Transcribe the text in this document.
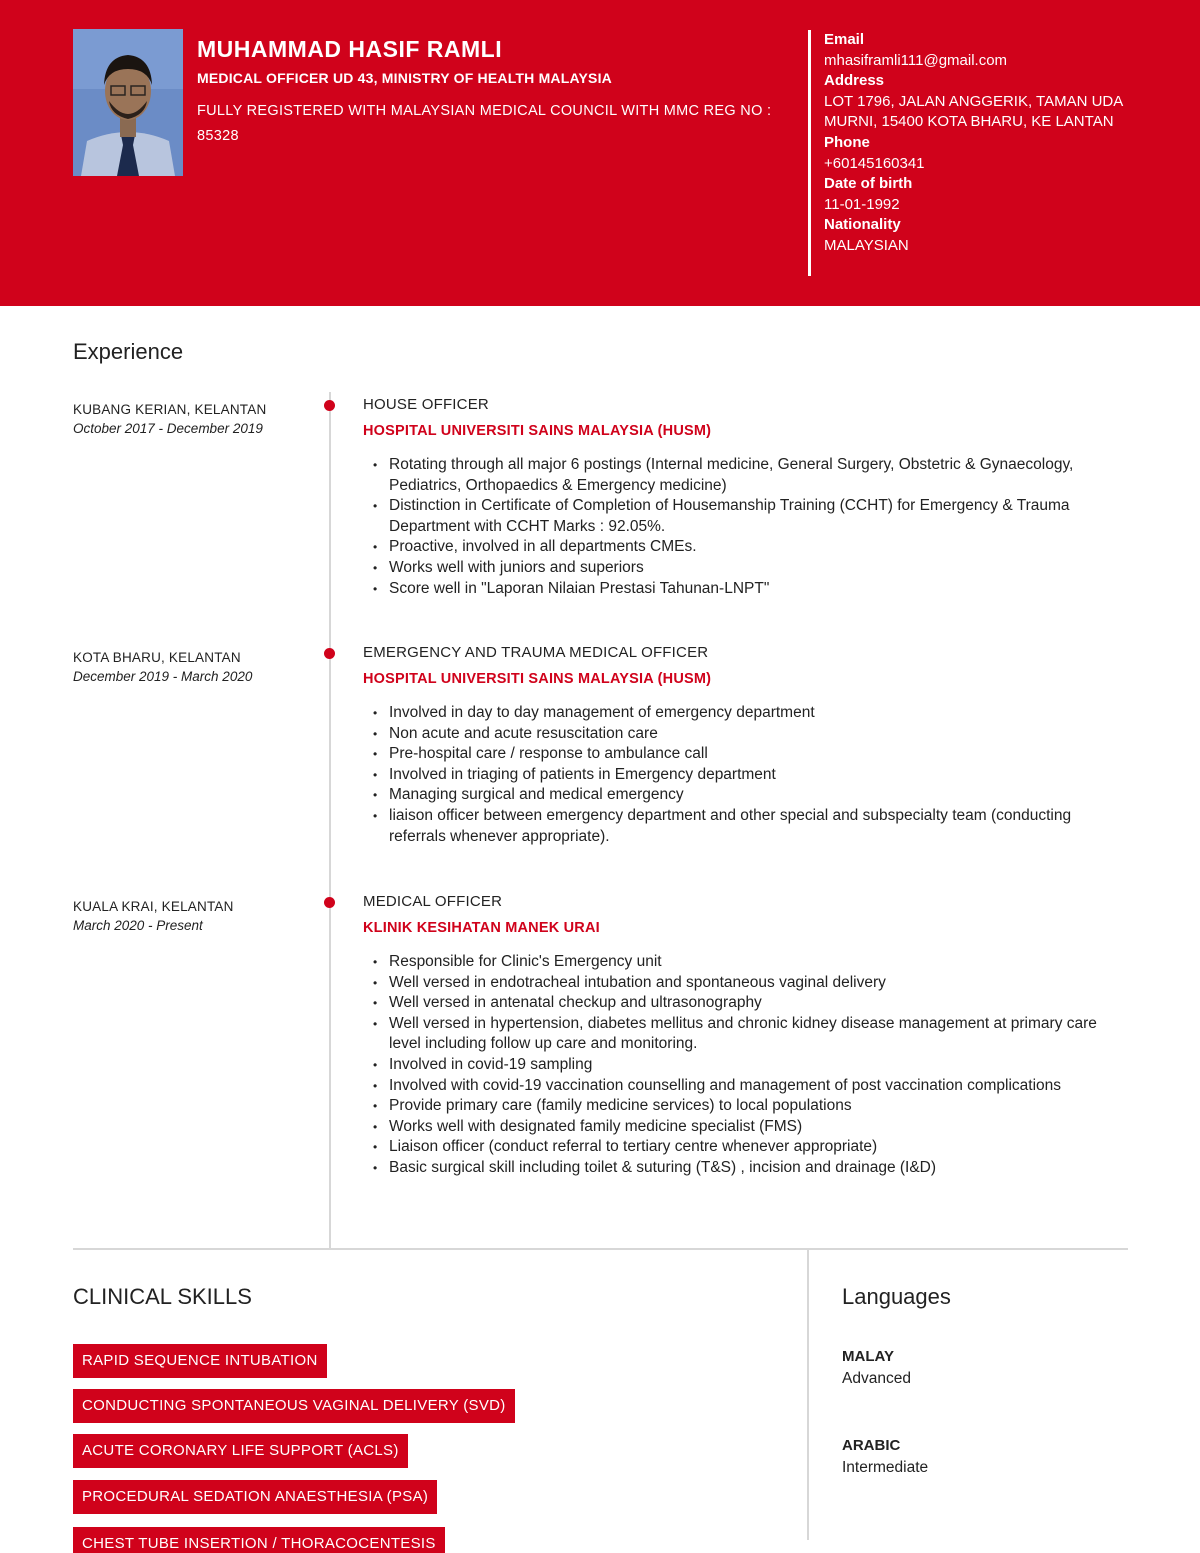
MUHAMMAD HASIF RAMLI
MEDICAL OFFICER UD 43, MINISTRY OF HEALTH MALAYSIA
FULLY REGISTERED WITH MALAYSIAN MEDICAL COUNCIL WITH MMC REG NO : 85328
Email
mhasiframli111@gmail.com
Address
LOT 1796, JALAN ANGGERIK, TAMAN UDA MURNI, 15400 KOTA BHARU, KE LANTAN
Phone
+60145160341
Date of birth
11-01-1992
Nationality
MALAYSIAN
Experience
KUBANG KERIAN, KELANTAN
October 2017 - December 2019
HOUSE OFFICER
HOSPITAL UNIVERSITI SAINS MALAYSIA (HUSM)
• Rotating through all major 6 postings (Internal medicine, General Surgery, Obstetric & Gynaecology, Pediatrics, Orthopaedics & Emergency medicine)
• Distinction in Certificate of Completion of Housemanship Training (CCHT) for Emergency & Trauma Department with CCHT Marks : 92.05%.
• Proactive, involved in all departments CMEs.
• Works well with juniors and superiors
• Score well in "Laporan Nilaian Prestasi Tahunan-LNPT"
KOTA BHARU, KELANTAN
December 2019 - March 2020
EMERGENCY AND TRAUMA MEDICAL OFFICER
HOSPITAL UNIVERSITI SAINS MALAYSIA (HUSM)
• Involved in day to day management of emergency department
• Non acute and acute resuscitation care
• Pre-hospital care / response to ambulance call
• Involved in triaging of patients in Emergency department
• Managing surgical and medical emergency
• liaison officer between emergency department and other special and subspecialty team (conducting referrals whenever appropriate).
KUALA KRAI, KELANTAN
March 2020 - Present
MEDICAL OFFICER
KLINIK KESIHATAN MANEK URAI
• Responsible for Clinic's Emergency unit
• Well versed in endotracheal intubation and spontaneous vaginal delivery
• Well versed in antenatal checkup and ultrasonography
• Well versed in hypertension, diabetes mellitus and chronic kidney disease management at primary care level including follow up care and monitoring.
• Involved in covid-19 sampling
• Involved with covid-19 vaccination counselling and management of post vaccination complications
• Provide primary care (family medicine services) to local populations
• Works well with designated family medicine specialist (FMS)
• Liaison officer (conduct referral to tertiary centre whenever appropriate)
• Basic surgical skill including toilet & suturing (T&S) , incision and drainage (I&D)
CLINICAL SKILLS
RAPID SEQUENCE INTUBATION
CONDUCTING SPONTANEOUS VAGINAL DELIVERY (SVD)
ACUTE CORONARY LIFE SUPPORT (ACLS)
PROCEDURAL SEDATION ANAESTHESIA (PSA)
CHEST TUBE INSERTION / THORACOCENTESIS
Languages
MALAY
Advanced
ARABIC
Intermediate
